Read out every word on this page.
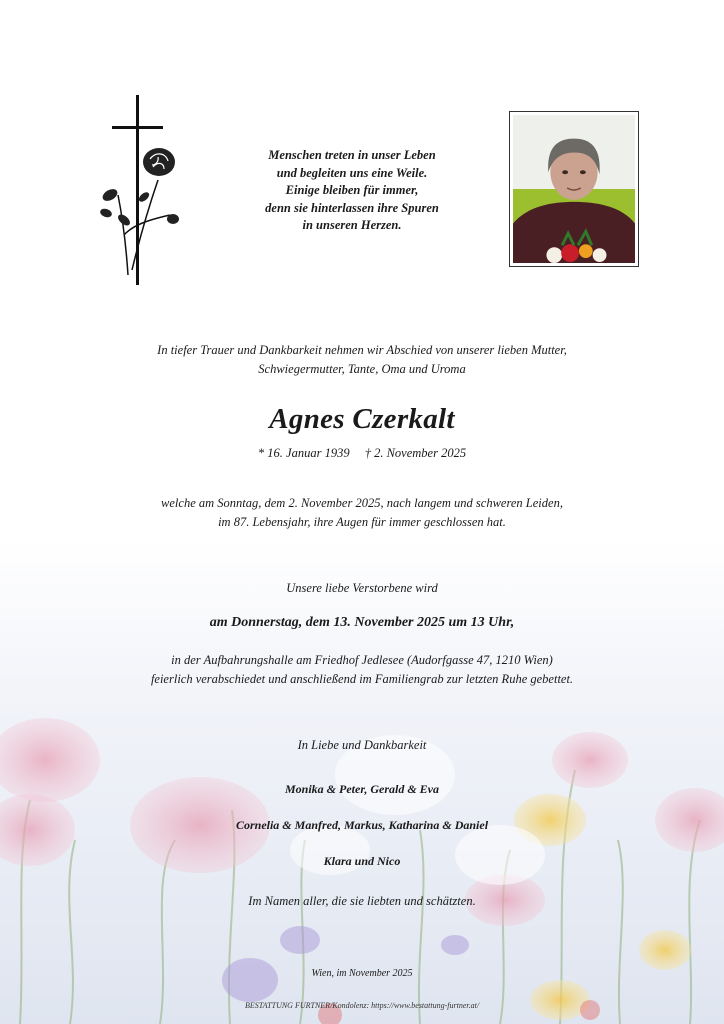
Menschen treten in unser Leben
und begleiten uns eine Weile.
Einige bleiben für immer,
denn sie hinterlassen ihre Spuren
in unseren Herzen.
In tiefer Trauer und Dankbarkeit nehmen wir Abschied von unserer lieben Mutter,
Schwiegermutter, Tante, Oma und Uroma
Agnes Czerkalt
* 16. Januar 1939 † 2. November 2025
welche am Sonntag, dem 2. November 2025, nach langem und schweren Leiden,
im 87. Lebensjahr, ihre Augen für immer geschlossen hat.
Unsere liebe Verstorbene wird
am Donnerstag, dem 13. November 2025 um 13 Uhr,
in der Aufbahrungshalle am Friedhof Jedlesee (Audorfgasse 47, 1210 Wien)
feierlich verabschiedet und anschließend im Familiengrab zur letzten Ruhe gebettet.
In Liebe und Dankbarkeit
Monika & Peter, Gerald & Eva
Cornelia & Manfred, Markus, Katharina & Daniel
Klara und Nico
Im Namen aller, die sie liebten und schätzten.
Wien, im November 2025
BESTATTUNG FURTNER/Kondolenz: https://www.bestattung-furtner.at/
